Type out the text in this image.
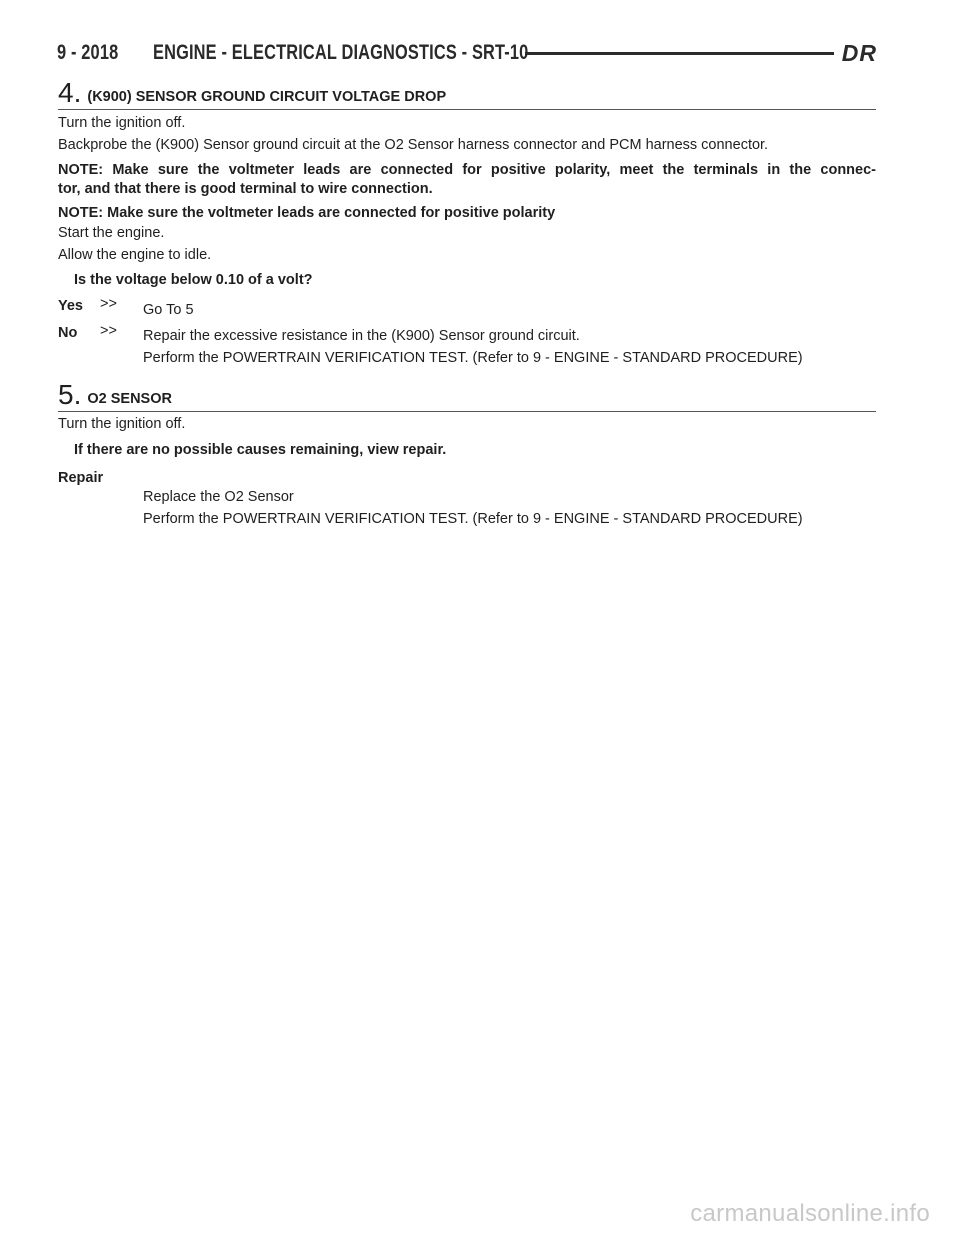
9 - 2018	ENGINE - ELECTRICAL DIAGNOSTICS - SRT-10	DR
4. (K900) SENSOR GROUND CIRCUIT VOLTAGE DROP
Turn the ignition off.
Backprobe the (K900) Sensor ground circuit at the O2 Sensor harness connector and PCM harness connector.
NOTE: Make sure the voltmeter leads are connected for positive polarity, meet the terminals in the connec-
tor, and that there is good terminal to wire connection.
NOTE: Make sure the voltmeter leads are connected for positive polarity
Start the engine.
Allow the engine to idle.
Is the voltage below 0.10 of a volt?
Yes >> Go To 5
No >> Repair the excessive resistance in the (K900) Sensor ground circuit.
Perform the POWERTRAIN VERIFICATION TEST. (Refer to 9 - ENGINE - STANDARD PROCEDURE)
5. O2 SENSOR
Turn the ignition off.
If there are no possible causes remaining, view repair.
Repair
Replace the O2 Sensor
Perform the POWERTRAIN VERIFICATION TEST. (Refer to 9 - ENGINE - STANDARD PROCEDURE)
carmanualsonline.info
